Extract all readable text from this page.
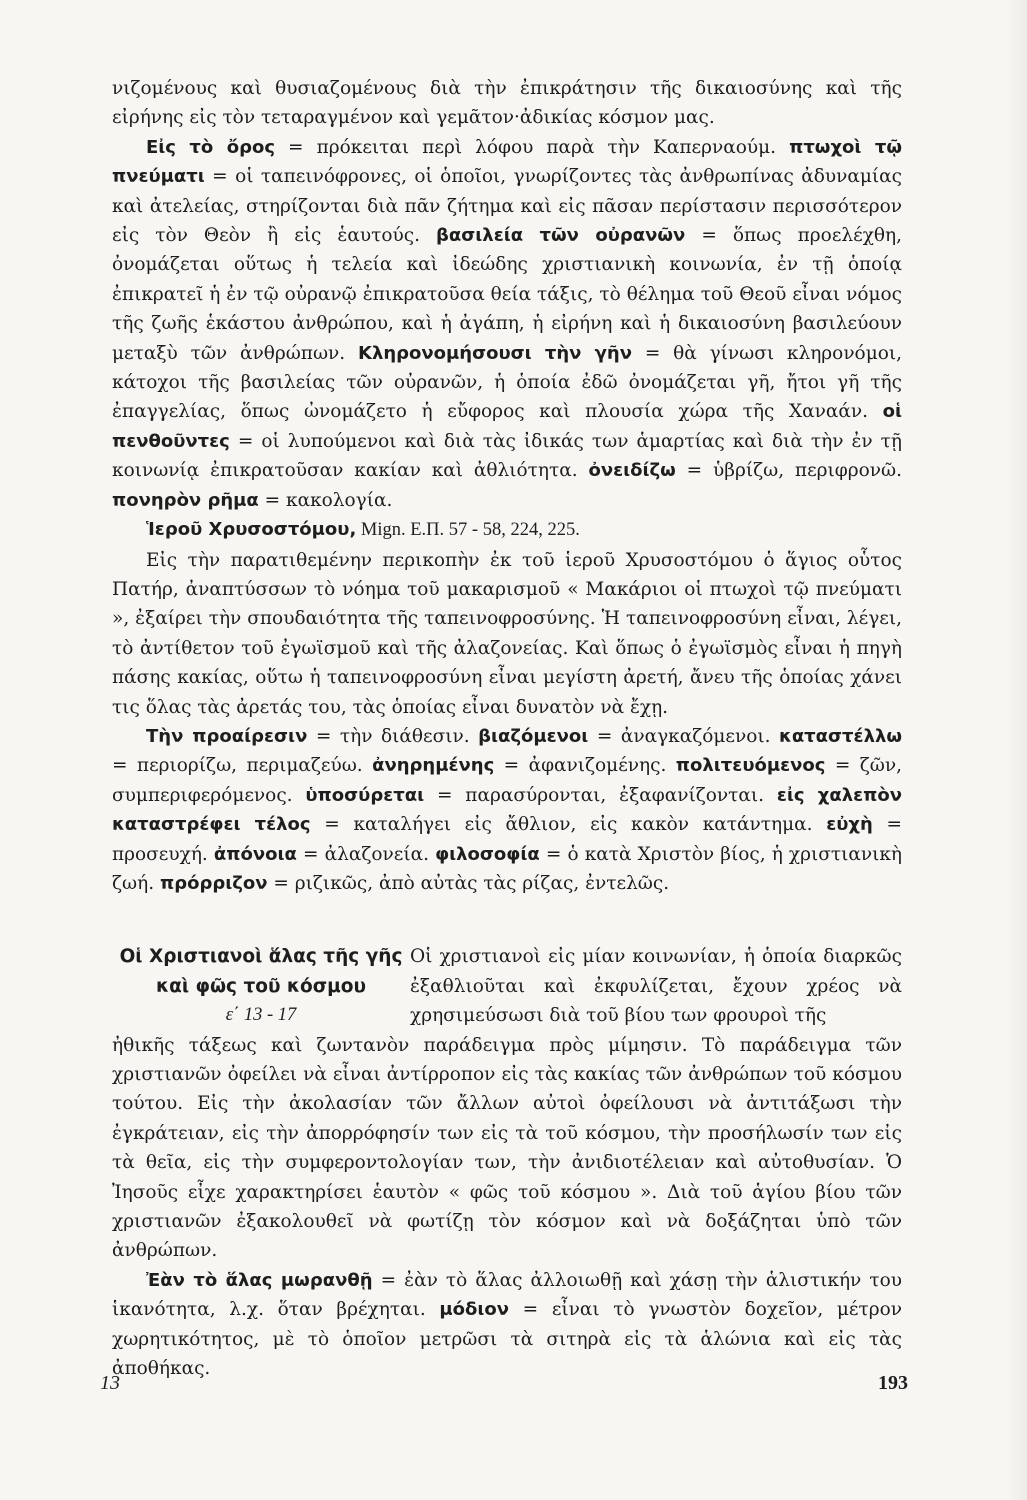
νιζομένους καὶ θυσιαζομένους διὰ τὴν ἐπικράτησιν τῆς δικαιοσύνης καὶ τῆς εἰρήνης εἰς τὸν τεταραγμένον καὶ γεμᾶτον·ἀδικίας κόσμον μας.

Εἰς τὸ ὄρος = πρόκειται περὶ λόφου παρὰ τὴν Καπερναούμ. πτωχοὶ τῷ πνεύματι = οἱ ταπεινόφρονες, οἱ ὁποῖοι, γνωρίζοντες τὰς ἀνθρωπίνας ἀδυναμίας καὶ ἀτελείας, στηρίζονται διὰ πᾶν ζήτημα καὶ εἰς πᾶσαν περίστασιν περισσότερον εἰς τὸν Θεὸν ἢ εἰς ἑαυτούς. βασιλεία τῶν οὐρανῶν = ὅπως προελέχθη, ὀνομάζεται οὕτως ἡ τελεία καὶ ἰδεώδης χριστιανικὴ κοινωνία, ἐν τῇ ὁποίᾳ ἐπικρατεῖ ἡ ἐν τῷ οὐρανῷ ἐπικρατοῦσα θεία τάξις, τὸ θέλημα τοῦ Θεοῦ εἶναι νόμος τῆς ζωῆς ἑκάστου ἀνθρώπου, καὶ ἡ ἀγάπη, ἡ εἰρήνη καὶ ἡ δικαιοσύνη βασιλεύουν μεταξὺ τῶν ἀνθρώπων. Κληρονομήσουσι τὴν γῆν = θὰ γίνωσι κληρονόμοι, κάτοχοι τῆς βασιλείας τῶν οὐρανῶν, ἡ ὁποία ἐδῶ ὀνομάζεται γῆ, ἤτοι γῆ τῆς ἐπαγγελίας, ὅπως ὠνομάζετο ἡ εὔφορος καὶ πλουσία χώρα τῆς Χαναάν. οἱ πενθοῦντες = οἱ λυπούμενοι καὶ διὰ τὰς ἰδικάς των ἁμαρτίας καὶ διὰ τὴν ἐν τῇ κοινωνίᾳ ἐπικρατοῦσαν κακίαν καὶ ἀθλιότητα. ὀνειδίζω = ὑβρίζω, περιφρονῶ. πονηρὸν ρῆμα = κακολογία.

Ἱεροῦ Χρυσοστόμου, Mign. Ε.Π. 57 - 58, 224, 225.

Εἰς τὴν παρατιθεμένην περικοπὴν ἐκ τοῦ ἱεροῦ Χρυσοστόμου ὁ ἅγιος οὗτος Πατήρ, ἀναπτύσσων τὸ νόημα τοῦ μακαρισμοῦ « Μακάριοι οἱ πτωχοὶ τῷ πνεύματι », ἐξαίρει τὴν σπουδαιότητα τῆς ταπεινοφροσύνης. Ἡ ταπεινοφροσύνη εἶναι, λέγει, τὸ ἀντίθετον τοῦ ἐγωϊσμοῦ καὶ τῆς ἀλαζονείας. Καὶ ὅπως ὁ ἐγωϊσμὸς εἶναι ἡ πηγὴ πάσης κακίας, οὕτω ἡ ταπεινοφροσύνη εἶναι μεγίστη ἀρετή, ἄνευ τῆς ὁποίας χάνει τις ὅλας τὰς ἀρετάς του, τὰς ὁποίας εἶναι δυνατὸν νὰ ἔχῃ.

Τὴν προαίρεσιν = τὴν διάθεσιν. βιαζόμενοι = ἀναγκαζόμενοι. καταστέλλω = περιορίζω, περιμαζεύω. ἀνηρημένης = ἀφανιζομένης. πολιτευόμενος = ζῶν, συμπεριφερόμενος. ὑποσύρεται = παρασύρονται, ἐξαφανίζονται. εἰς χαλεπὸν καταστρέφει τέλος = καταλήγει εἰς ἄθλιον, εἰς κακὸν κατάντημα. εὐχὴ = προσευχή. ἀπόνοια = ἀλαζονεία. φιλοσοφία = ὁ κατὰ Χριστὸν βίος, ἡ χριστιανικὴ ζωή. πρόρριζον = ριζικῶς, ἀπὸ αὐτὰς τὰς ρίζας, ἐντελῶς.

Οἱ Χριστιανοὶ ἅλας τῆς γῆς
καὶ φῶς τοῦ κόσμου
ε΄ 13 - 17
Οἱ χριστιανοὶ εἰς μίαν κοινωνίαν, ἡ ὁποία διαρκῶς ἐξαθλιοῦται καὶ ἐκφυλίζεται, ἔχουν χρέος νὰ χρησιμεύσωσι διὰ τοῦ βίου των φρουροὶ τῆς

ἠθικῆς τάξεως καὶ ζωντανὸν παράδειγμα πρὸς μίμησιν. Τὸ παράδειγμα τῶν χριστιανῶν ὀφείλει νὰ εἶναι ἀντίρροπον εἰς τὰς κακίας τῶν ἀνθρώπων τοῦ κόσμου τούτου. Εἰς τὴν ἀκολασίαν τῶν ἄλλων αὐτοὶ ὀφείλουσι νὰ ἀντιτάξωσι τὴν ἐγκράτειαν, εἰς τὴν ἀπορρόφησίν των εἰς τὰ τοῦ κόσμου, τὴν προσήλωσίν των εἰς τὰ θεῖα, εἰς τὴν συμφεροντολογίαν των, τὴν ἀνιδιοτέλειαν καὶ αὐτοθυσίαν. Ὁ Ἰησοῦς εἶχε χαρακτηρίσει ἑαυτὸν « φῶς τοῦ κόσμου ». Διὰ τοῦ ἁγίου βίου τῶν χριστιανῶν ἐξακολουθεῖ νὰ φωτίζῃ τὸν κόσμον καὶ νὰ δοξάζηται ὑπὸ τῶν ἀνθρώπων.

Ἐὰν τὸ ἅλας μωρανθῇ = ἐὰν τὸ ἅλας ἀλλοιωθῇ καὶ χάσῃ τὴν ἁλιστικήν του ἱκανότητα, λ.χ. ὅταν βρέχηται. μόδιον = εἶναι τὸ γνωστὸν δοχεῖον, μέτρον χωρητικότητος, μὲ τὸ ὁποῖον μετρῶσι τὰ σιτηρὰ εἰς τὰ ἁλώνια καὶ εἰς τὰς ἀποθήκας.

13	193
